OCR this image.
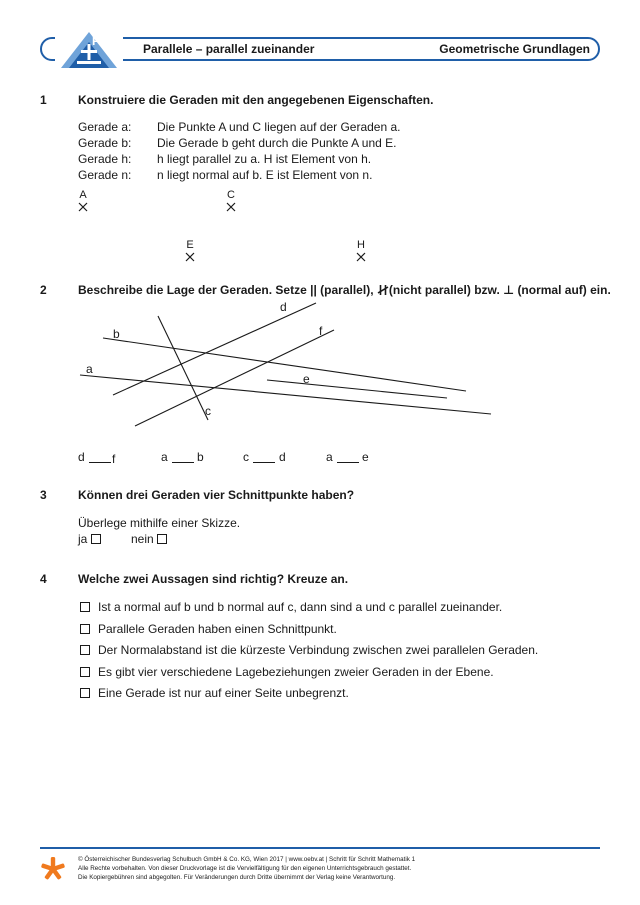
Plus
Parallele – parallel zueinander	Geometrische Grundlagen
1	Konstruiere die Geraden mit den angegebenen Eigenschaften.
Gerade a: Die Punkte A und C liegen auf der Geraden a.
Gerade b: Die Gerade b geht durch die Punkte A und E.
Gerade h: h liegt parallel zu a. H ist Element von h.
Gerade n: n liegt normal auf b. E ist Element von n.
A	C
E	H
2	Beschreibe die Lage der Geraden. Setze || (parallel), (nicht parallel) bzw. ⊥ (normal auf) ein.
b
a
c
d
e
f
d f	a b	c	d	a e
3	Können drei Geraden vier Schnittpunkte haben?
Überlege mithilfe einer Skizze.
ja	nein
4	Welche zwei Aussagen sind richtig? Kreuze an.
Ist a normal auf b und b normal auf c, dann sind a und c parallel zueinander.
Parallele Geraden haben einen Schnittpunkt.
Der Normalabstand ist die kürzeste Verbindung zwischen zwei parallelen Geraden.
Es gibt vier verschiedene Lagebeziehungen zweier Geraden in der Ebene.
Eine Gerade ist nur auf einer Seite unbegrenzt.
© Österreichischer Bundesverlag Schulbuch GmbH & Co. KG, Wien 2017 | www.oebv.at | Schritt für Schritt Mathematik 1
Alle Rechte vorbehalten. Von dieser Druckvorlage ist die Vervielfältigung für den eigenen Unterrichtsgebrauch gestattet.
Die Kopiergebühren sind abgegolten. Für Veränderungen durch Dritte übernimmt der Verlag keine Verantwortung.
